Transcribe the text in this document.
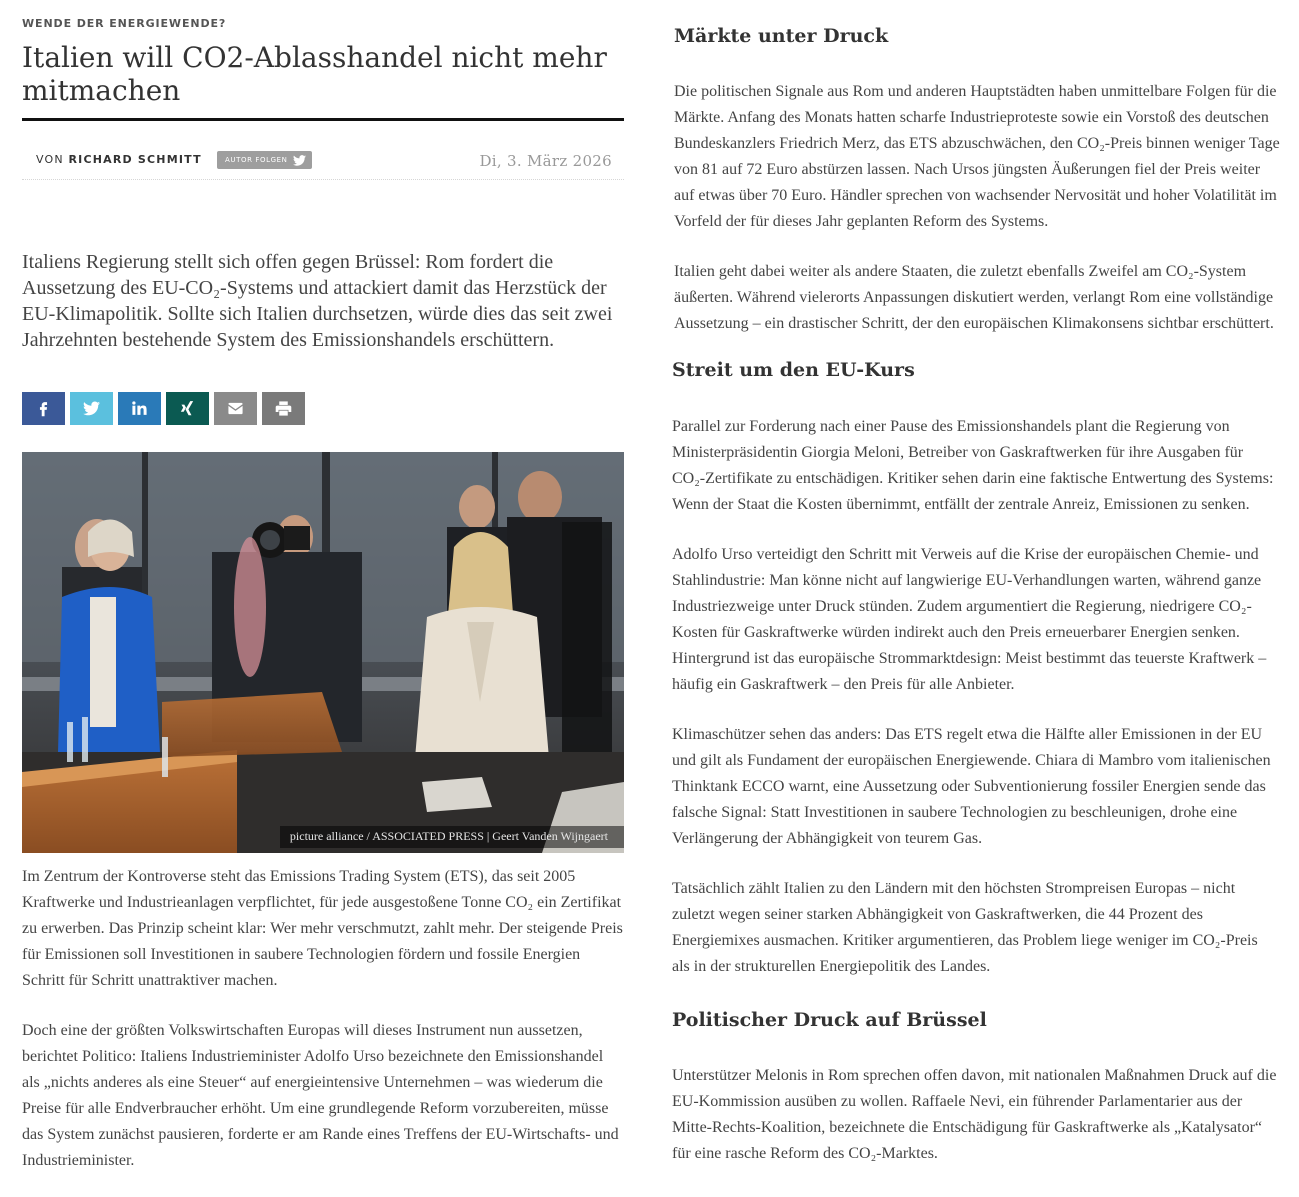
WENDE DER ENERGIEWENDE?
Italien will CO2-Ablasshandel nicht mehr mitmachen
VON RICHARD SCHMITT	AUTOR FOLGEN	Di, 3. März 2026

Italiens Regierung stellt sich offen gegen Brüssel: Rom fordert die Aussetzung des EU-CO₂-Systems und attackiert damit das Herzstück der EU-Klimapolitik. Sollte sich Italien durchsetzen, würde dies das seit zwei Jahrzehnten bestehende System des Emissionshandels erschüttern.

picture alliance / ASSOCIATED PRESS | Geert Vanden Wijngaert

Im Zentrum der Kontroverse steht das Emissions Trading System (ETS), das seit 2005 Kraftwerke und Industrieanlagen verpflichtet, für jede ausgestoßene Tonne CO₂ ein Zertifikat zu erwerben. Das Prinzip scheint klar: Wer mehr verschmutzt, zahlt mehr. Der steigende Preis für Emissionen soll Investitionen in saubere Technologien fördern und fossile Energien Schritt für Schritt unattraktiver machen.

Doch eine der größten Volkswirtschaften Europas will dieses Instrument nun aussetzen, berichtet Politico: Italiens Industrieminister Adolfo Urso bezeichnete den Emissionshandel als „nichts anderes als eine Steuer“ auf energieintensive Unternehmen – was wiederum die Preise für alle Endverbraucher erhöht. Um eine grundlegende Reform vorzubereiten, müsse das System zunächst pausieren, forderte er am Rande eines Treffens der EU-Wirtschafts- und Industrieminister.

Märkte unter Druck

Die politischen Signale aus Rom und anderen Hauptstädten haben unmittelbare Folgen für die Märkte. Anfang des Monats hatten scharfe Industrieproteste sowie ein Vorstoß des deutschen Bundeskanzlers Friedrich Merz, das ETS abzuschwächen, den CO₂-Preis binnen weniger Tage von 81 auf 72 Euro abstürzen lassen. Nach Ursos jüngsten Äußerungen fiel der Preis weiter auf etwas über 70 Euro. Händler sprechen von wachsender Nervosität und hoher Volatilität im Vorfeld der für dieses Jahr geplanten Reform des Systems.

Italien geht dabei weiter als andere Staaten, die zuletzt ebenfalls Zweifel am CO₂-System äußerten. Während vielerorts Anpassungen diskutiert werden, verlangt Rom eine vollständige Aussetzung – ein drastischer Schritt, der den europäischen Klimakonsens sichtbar erschüttert.

Streit um den EU-Kurs

Parallel zur Forderung nach einer Pause des Emissionshandels plant die Regierung von Ministerpräsidentin Giorgia Meloni, Betreiber von Gaskraftwerken für ihre Ausgaben für CO₂-Zertifikate zu entschädigen. Kritiker sehen darin eine faktische Entwertung des Systems: Wenn der Staat die Kosten übernimmt, entfällt der zentrale Anreiz, Emissionen zu senken.

Adolfo Urso verteidigt den Schritt mit Verweis auf die Krise der europäischen Chemie- und Stahlindustrie: Man könne nicht auf langwierige EU-Verhandlungen warten, während ganze Industriezweige unter Druck stünden. Zudem argumentiert die Regierung, niedrigere CO₂-Kosten für Gaskraftwerke würden indirekt auch den Preis erneuerbarer Energien senken. Hintergrund ist das europäische Strommarktdesign: Meist bestimmt das teuerste Kraftwerk – häufig ein Gaskraftwerk – den Preis für alle Anbieter.

Klimaschützer sehen das anders: Das ETS regelt etwa die Hälfte aller Emissionen in der EU und gilt als Fundament der europäischen Energiewende. Chiara di Mambro vom italienischen Thinktank ECCO warnt, eine Aussetzung oder Subventionierung fossiler Energien sende das falsche Signal: Statt Investitionen in saubere Technologien zu beschleunigen, drohe eine Verlängerung der Abhängigkeit von teurem Gas.

Tatsächlich zählt Italien zu den Ländern mit den höchsten Strompreisen Europas – nicht zuletzt wegen seiner starken Abhängigkeit von Gaskraftwerken, die 44 Prozent des Energiemixes ausmachen. Kritiker argumentieren, das Problem liege weniger im CO₂-Preis als in der strukturellen Energiepolitik des Landes.

Politischer Druck auf Brüssel

Unterstützer Melonis in Rom sprechen offen davon, mit nationalen Maßnahmen Druck auf die EU-Kommission ausüben zu wollen. Raffaele Nevi, ein führender Parlamentarier aus der Mitte-Rechts-Koalition, bezeichnete die Entschädigung für Gaskraftwerke als „Katalysator“ für eine rasche Reform des CO₂-Marktes.
